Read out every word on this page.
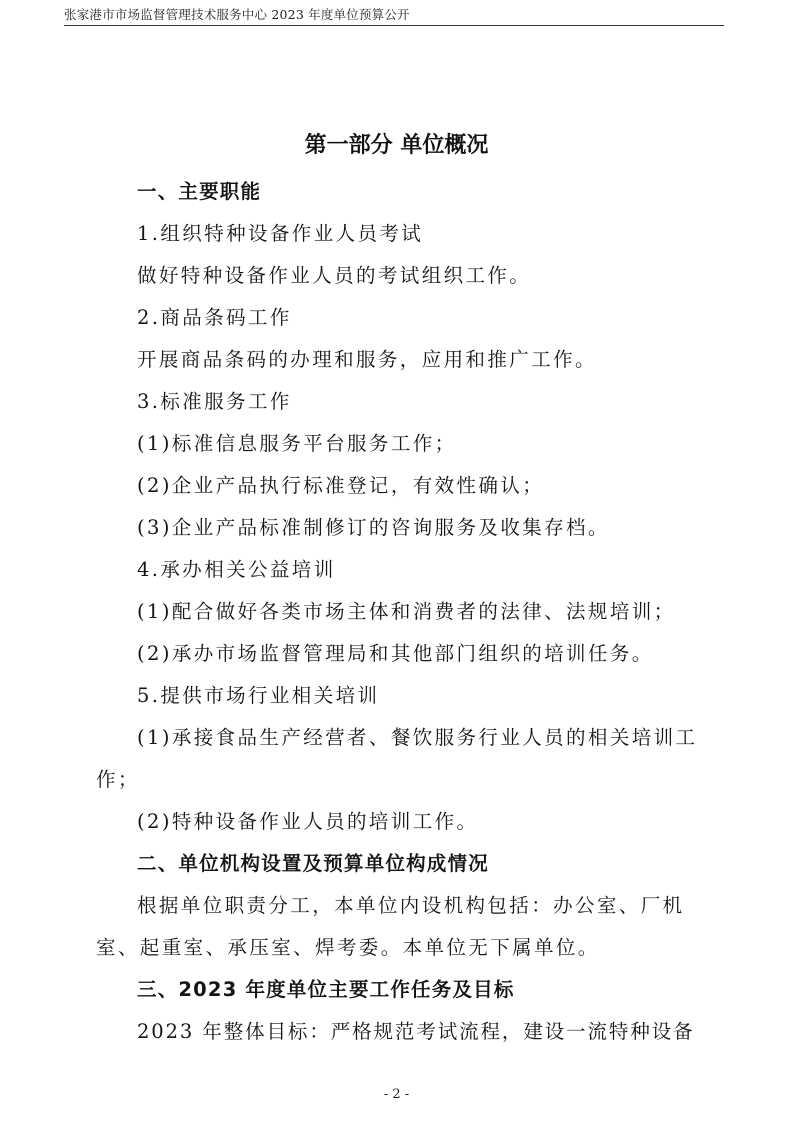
张家港市市场监督管理技术服务中心 2023 年度单位预算公开
第一部分 单位概况
一、主要职能
1.组织特种设备作业人员考试
做好特种设备作业人员的考试组织工作。
2.商品条码工作
开展商品条码的办理和服务，应用和推广工作。
3.标准服务工作
(1)标准信息服务平台服务工作；
(2)企业产品执行标准登记，有效性确认；
(3)企业产品标准制修订的咨询服务及收集存档。
4.承办相关公益培训
(1)配合做好各类市场主体和消费者的法律、法规培训；
(2)承办市场监督管理局和其他部门组织的培训任务。
5.提供市场行业相关培训
(1)承接食品生产经营者、餐饮服务行业人员的相关培训工
作；
(2)特种设备作业人员的培训工作。
二、单位机构设置及预算单位构成情况
根据单位职责分工，本单位内设机构包括：办公室、厂机
室、起重室、承压室、焊考委。本单位无下属单位。
三、2023 年度单位主要工作任务及目标
2023 年整体目标：严格规范考试流程，建设一流特种设备
- 2 -
